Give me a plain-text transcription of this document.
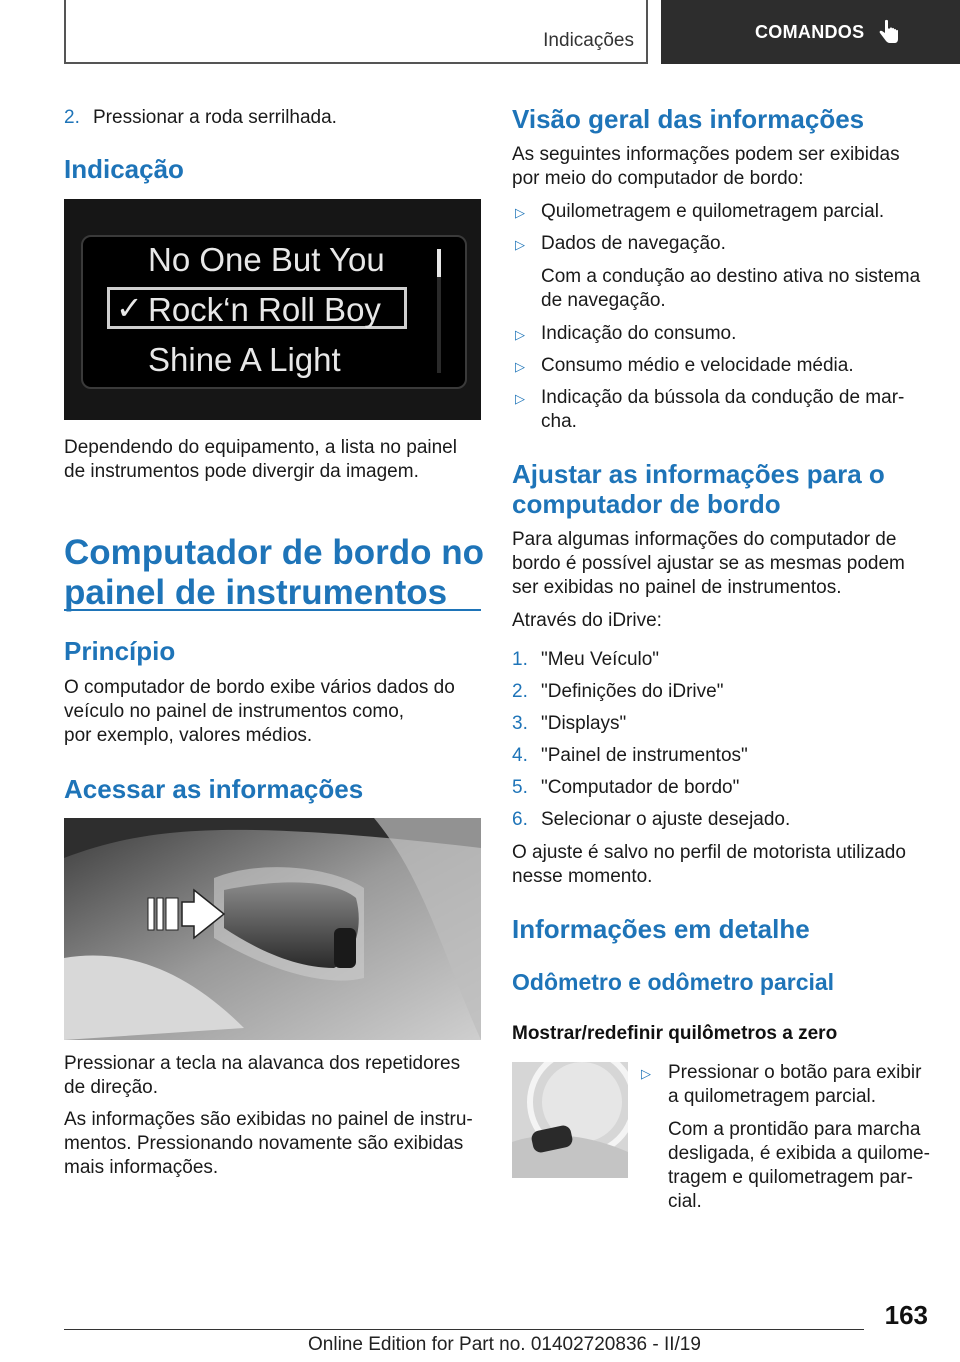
Indicações	COMANDOS
2. Pressionar a roda serrilhada.
Indicação
No One But You
✓ Rock‘n Roll Boy
Shine A Light
Dependendo do equipamento, a lista no painel
de instrumentos pode divergir da imagem.
Computador de bordo no
painel de instrumentos
Princípio
O computador de bordo exibe vários dados do
veículo no painel de instrumentos como,
por exemplo, valores médios.
Acessar as informações
Pressionar a tecla na alavanca dos repetidores
de direção.
As informações são exibidas no painel de instru‐
mentos. Pressionando novamente são exibidas
mais informações.
Visão geral das informações
As seguintes informações podem ser exibidas
por meio do computador de bordo:
▷ Quilometragem e quilometragem parcial.
▷ Dados de navegação.
Com a condução ao destino ativa no sistema
de navegação.
▷ Indicação do consumo.
▷ Consumo médio e velocidade média.
▷ Indicação da bússola da condução de mar‐
cha.
Ajustar as informações para o
computador de bordo
Para algumas informações do computador de
bordo é possível ajustar se as mesmas podem
ser exibidas no painel de instrumentos.
Através do iDrive:
1. "Meu Veículo"
2. "Definições do iDrive"
3. "Displays"
4. "Painel de instrumentos"
5. "Computador de bordo"
6. Selecionar o ajuste desejado.
O ajuste é salvo no perfil de motorista utilizado
nesse momento.
Informações em detalhe
Odômetro e odômetro parcial
Mostrar/redefinir quilômetros a zero
▷ Pressionar o botão para exibir
a quilometragem parcial.
Com a prontidão para marcha
desligada, é exibida a quilome‐
tragem e quilometragem par‐
cial.
163
Online Edition for Part no. 01402720836 - II/19
